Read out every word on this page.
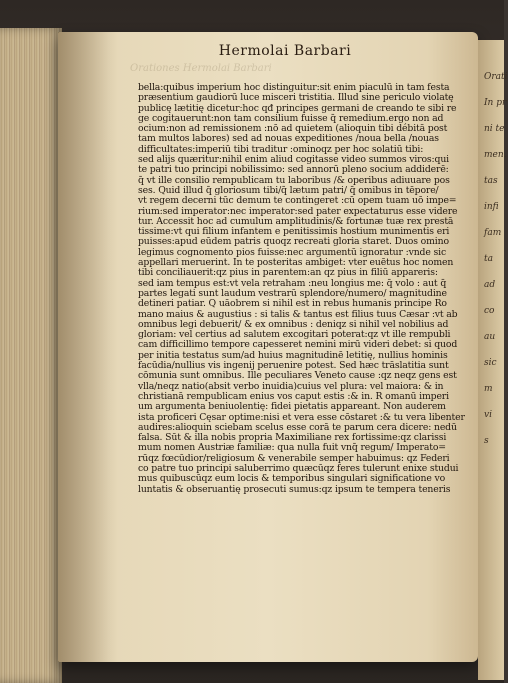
Orati
In pr
ni te
men.
tas
infi
fam
ta
ad
co
au
sic
m
vi
s
Orationes Hermolai Barbari
Hermolai Barbari
bella:quibus imperium hoc distinguitur:sit enim piaculū in tam festa
præsentium gaudiorū luce misceri tristitia. Illud sine periculo violatę
publicę lætitię dicetur:hoc qđ principes germani de creando te sibi re
ge cogitauerunt:non tam consilium fuisse q̄ remedium.ergo non ad
ocium:non ad remissionem :nō ad quietem (alioquin tibi débitā post
tam multos labores) sed ad nouas expeditiones /noua bella /nouas
difficultates:imperiū tibi traditur :ominoqz per hoc solatiū tibi:
sed alijs quæritur:nihil enim aliud cogitasse video summos viros:qui
te patri tuo principi nobilissimo: sed annorū pleno socium addiderē:
q̄ vt ille consilio rempublicam tu laboribus /& operibus adiuuare pos
ses. Quid illud q̄ gloriosum tibi/q̄ lætum patri/ q̄ omibus in tēpore/
vt regem decerni tūc demum te contingeret :cū opem tuam uō impe=
rium:sed imperator:nec imperator:sed pater expectaturus esse videre
tur. Accessit hoc ad cumulum amplitudinis/& fortunæ tuæ rex prestā
tissime:vt qui filium infantem e penitissimis hostium munimentis eri
puisses:apud eūdem patris quoqz recreati gloria staret. Duos omino
legimus cognomento pios fuisse:nec argumentū ignoratur :vnde sic
appellari meruerint. In te posteritas ambiget: vter euētus hoc nomen
tibi conciliauerit:qz pius in parentem:an qz pius in filiū appareris:
sed iam tempus est:vt vela retraham :neu longius me: q̄ volo : aut q̄
partes legati sunt laudum vestrarū splendore/numero/ magnitudine
detineri patiar. Q uāobrem si nihil est in rebus humanis principe Ro
mano maius & augustius : si talis & tantus est filius tuus Cæsar :vt ab
omnibus legi debuerit/ & ex omnibus : deniqz si nihil vel nobilius ad
gloriam: vel certius ad salutem excogitari poterat:qz vt ille rempubli
cam difficillimo tempore capesseret nemini mirū videri debet: si quod
per initia testatus sum/ad huius magnitudinē letitię, nullius hominis
facūdia/nullius vis ingenij peruenire potest. Sed hæc trāslatitia sunt
cōmunia sunt omnibus. Ille peculiares Veneto cause :qz neqz gens est
vlla/neqz natio(absit verbo inuidia)cuius vel plura: vel maiora: & in
christianā rempublicam enius vos caput estis :& in. R omanū imperi
um argumenta beniuolentię: fidei pietatis appareant. Non auderem
ista proficeri Cęsar optime:nisi et vera esse cōstaret :& tu vera libenter
audires:alioquin sciebam scelus esse corā te parum cera dicere: nedū
falsa. Sūt & illa nobis propria Maximiliane rex fortissime:qz clarissi
mum nomen Austriæ familiæ: qua nulla fuit vnq̄ regum/ Imperato=
rūqz fœcūdior/religiosum & venerabile semper habuimus: qz Federi
co patre tuo principi saluberrimo quæcūqz feres tulerunt enixe studui
mus quibuscūqz eum locis & temporibus singulari significatione vo
luntatis & obseruantię prosecuti sumus:qz ipsum te tempera teneris
